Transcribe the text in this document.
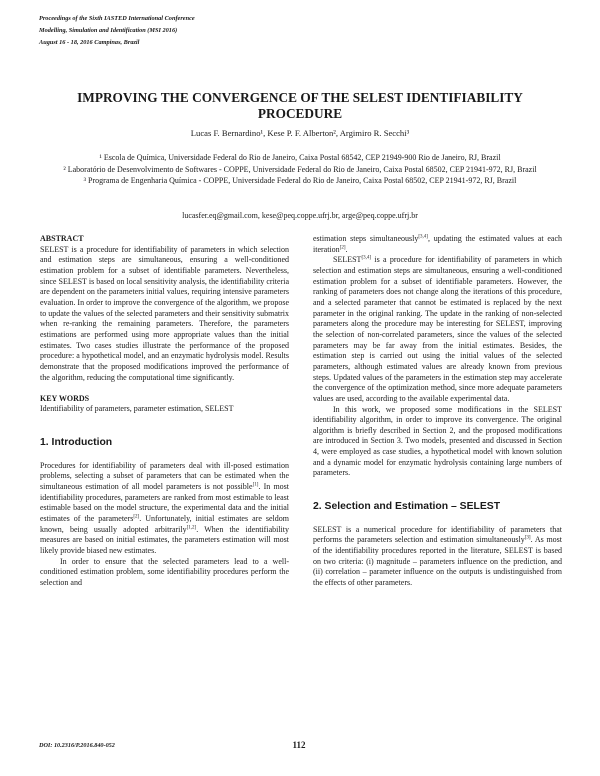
Proceedings of the Sixth IASTED International Conference
Modelling, Simulation and Identification (MSI 2016)
August 16 - 18, 2016 Campinas, Brazil
IMPROVING THE CONVERGENCE OF THE SELEST IDENTIFIABILITY
PROCEDURE
Lucas F. Bernardino¹, Kese P. F. Alberton², Argimiro R. Secchi³
¹ Escola de Química, Universidade Federal do Rio de Janeiro, Caixa Postal 68542, CEP 21949-900 Rio de Janeiro, RJ, Brazil
² Laboratório de Desenvolvimento de Softwares - COPPE, Universidade Federal do Rio de Janeiro, Caixa Postal 68502, CEP 21941-972, RJ, Brazil
³ Programa de Engenharia Química - COPPE, Universidade Federal do Rio de Janeiro, Caixa Postal 68502, CEP 21941-972, RJ, Brazil
lucasfer.eq@gmail.com, kese@peq.coppe.ufrj.br, arge@peq.coppe.ufrj.br
ABSTRACT

SELEST is a procedure for identifiability of parameters in which selection and estimation steps are simultaneous, ensuring a well-conditioned estimation problem for a subset of identifiable parameters. Nevertheless, since SELEST is based on local sensitivity analysis, the identifiability criteria are dependent on the parameters initial values, requiring intensive parameters evaluation. In order to improve the convergence of the algorithm, we propose to update the values of the selected parameters and their sensitivity submatrix when re-ranking the remaining parameters. Therefore, the parameters estimations are performed using more appropriate values than the initial estimates. Two cases studies illustrate the performance of the proposed procedure: a hypothetical model, and an enzymatic hydrolysis model. Results demonstrate that the proposed modifications improved the performance of the algorithm, reducing the computational time significantly.

KEY WORDS

Identifiability of parameters, parameter estimation, SELEST

1. Introduction

Procedures for identifiability of parameters deal with ill-posed estimation problems, selecting a subset of parameters that can be estimated when the simultaneous estimation of all model parameters is not possible[1]. In most identifiability procedures, parameters are ranked from most estimable to least estimable based on the model structure, the experimental data and the initial estimates of the parameters[2]. Unfortunately, initial estimates are seldom known, being usually adopted arbitrarily[1,2]. When the identifiability measures are based on initial estimates, the parameters estimation will most likely provide biased new estimates.

In order to ensure that the selected parameters lead to a well-conditioned estimation problem, some identifiability procedures perform the selection and

estimation steps simultaneously[3,4], updating the estimated values at each iteration[2].

SELEST[3,4] is a procedure for identifiability of parameters in which selection and estimation steps are simultaneous, ensuring a well-conditioned estimation problem for a subset of identifiable parameters. However, the ranking of parameters does not change along the iterations of this procedure, and a selected parameter that cannot be estimated is replaced by the next parameter in the original ranking. The update in the ranking of non-selected parameters along the procedure may be interesting for SELEST, improving the selection of non-correlated parameters, since the values of the selected parameters may be far away from the initial estimates. Besides, the estimation step is carried out using the initial values of the selected parameters, although estimated values are already known from previous steps. Updated values of the parameters in the estimation step may accelerate the convergence of the optimization method, since more adequate parameters values are used, according to the available experimental data.

In this work, we proposed some modifications in the SELEST identifiability algorithm, in order to improve its convergence. The original algorithm is briefly described in Section 2, and the proposed modifications are introduced in Section 3. Two models, presented and discussed in Section 4, were employed as case studies, a hypothetical model with known solution and a dynamic model for enzymatic hydrolysis containing large numbers of parameters.

2. Selection and Estimation – SELEST

SELEST is a numerical procedure for identifiability of parameters that performs the parameters selection and estimation simultaneously[3]. As most of the identifiability procedures reported in the literature, SELEST is based on two criteria: (i) magnitude – parameters influence on the prediction, and (ii) correlation – parameter influence on the outputs is undistinguished from the effects of other parameters.

DOI: 10.2316/P.2016.840-052	112
